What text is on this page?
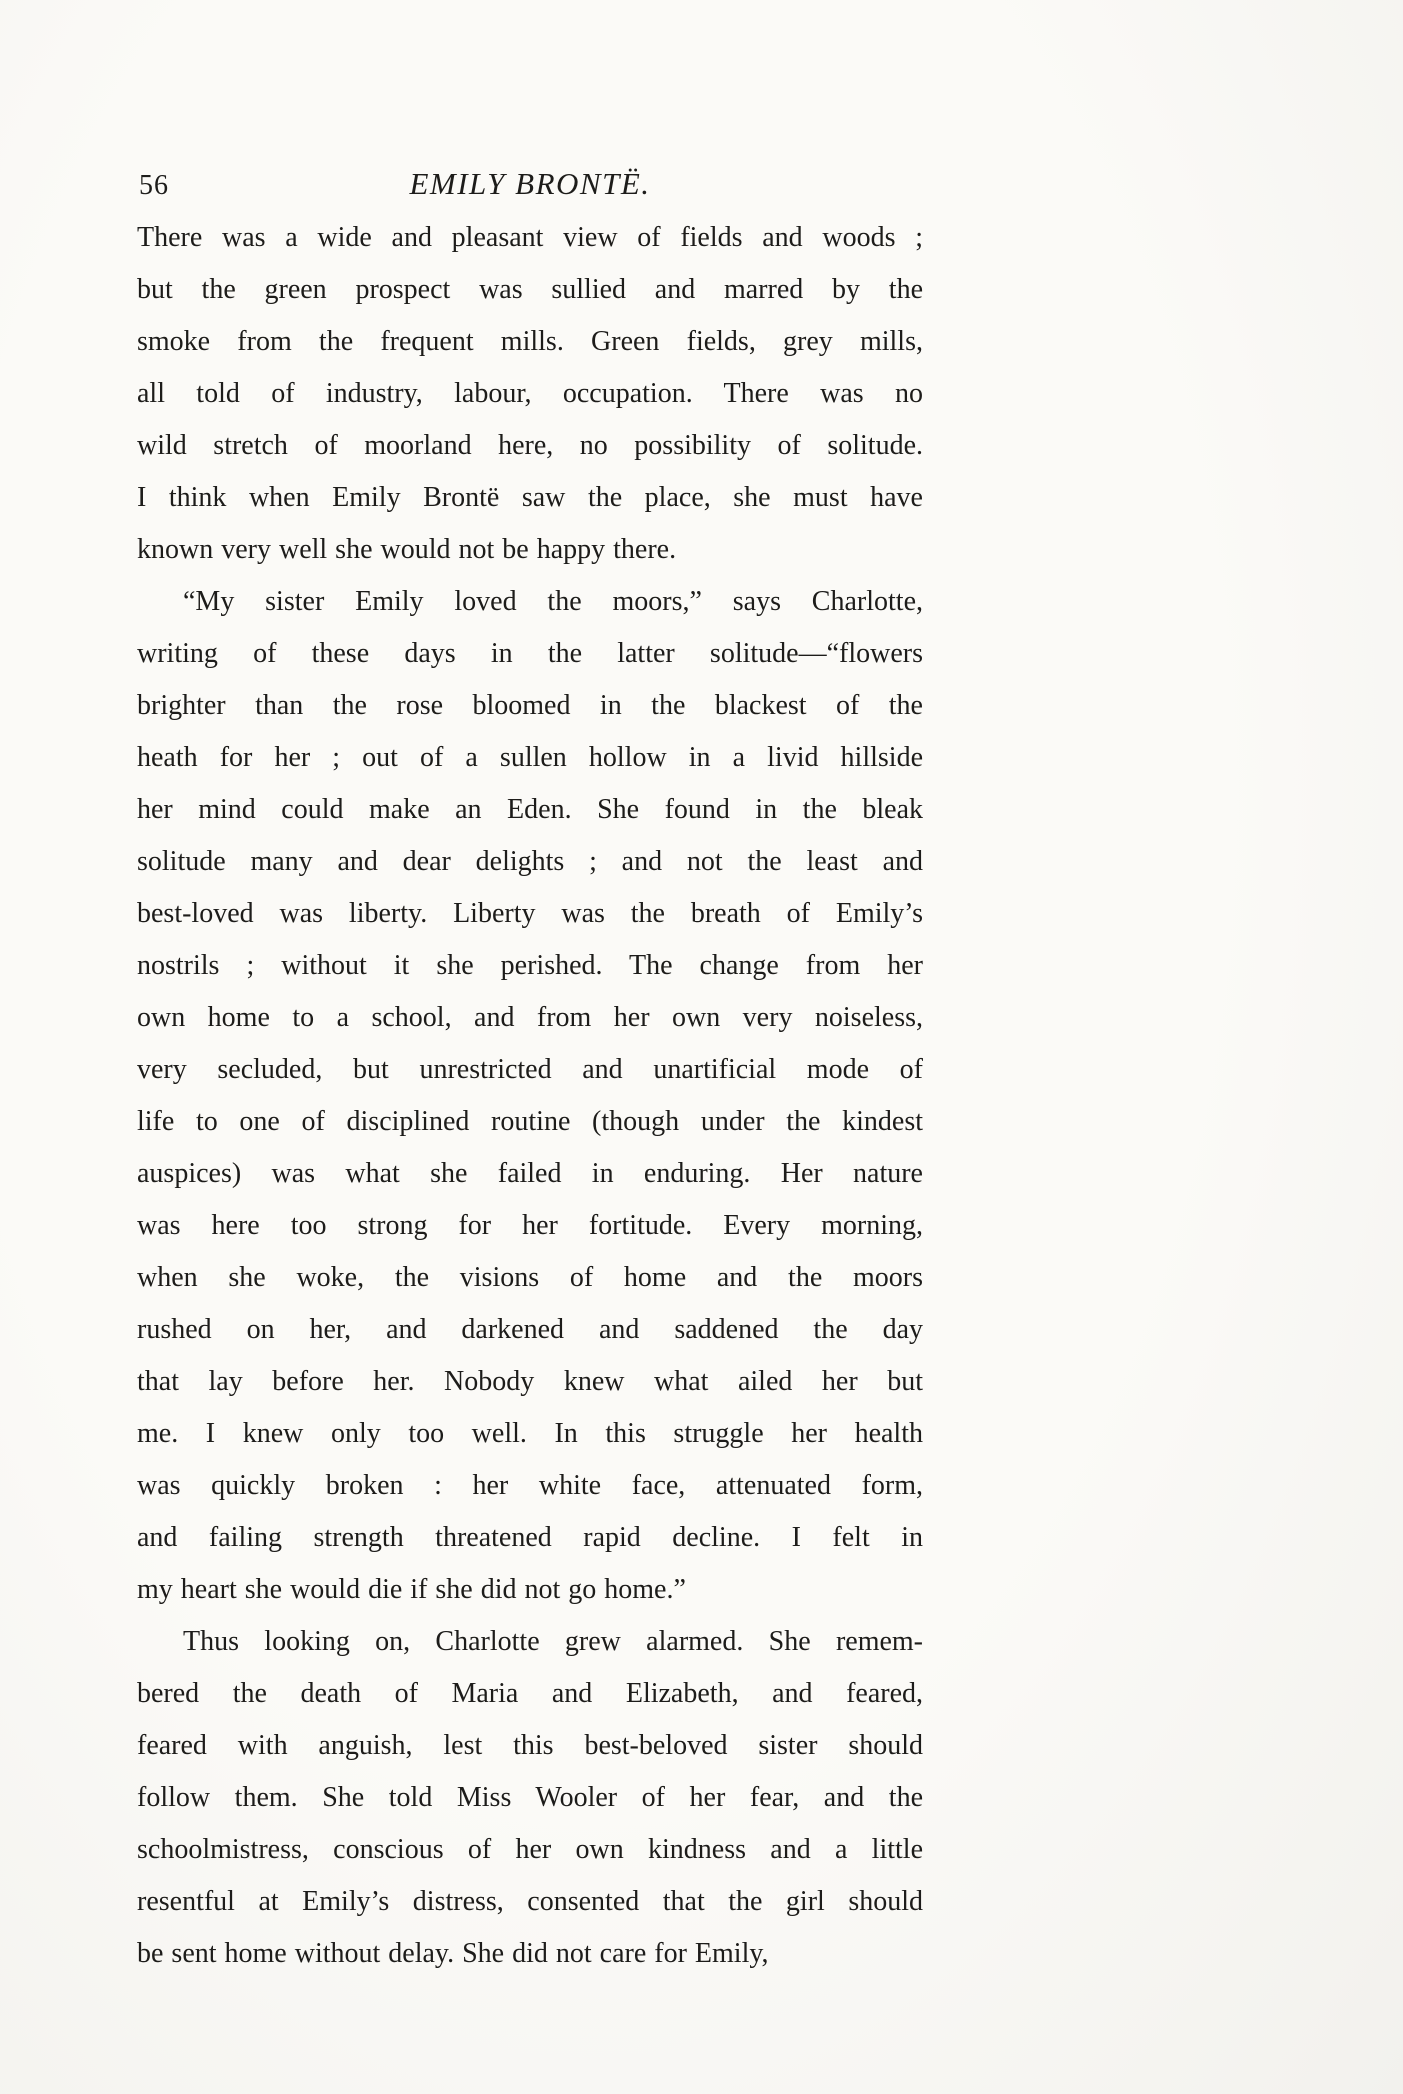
56	EMILY BRONTË.
There was a wide and pleasant view of fields and woods ;
but the green prospect was sullied and marred by the
smoke from the frequent mills. Green fields, grey mills,
all told of industry, labour, occupation. There was no
wild stretch of moorland here, no possibility of solitude.
I think when Emily Brontë saw the place, she must have
known very well she would not be happy there.
“My sister Emily loved the moors,” says Charlotte,
writing of these days in the latter solitude—“flowers
brighter than the rose bloomed in the blackest of the
heath for her ; out of a sullen hollow in a livid hillside
her mind could make an Eden. She found in the bleak
solitude many and dear delights ; and not the least and
best-loved was liberty. Liberty was the breath of Emily’s
nostrils ; without it she perished. The change from her
own home to a school, and from her own very noiseless,
very secluded, but unrestricted and unartificial mode of
life to one of disciplined routine (though under the kindest
auspices) was what she failed in enduring. Her nature
was here too strong for her fortitude. Every morning,
when she woke, the visions of home and the moors
rushed on her, and darkened and saddened the day
that lay before her. Nobody knew what ailed her but
me. I knew only too well. In this struggle her health
was quickly broken : her white face, attenuated form,
and failing strength threatened rapid decline. I felt in
my heart she would die if she did not go home.”
Thus looking on, Charlotte grew alarmed. She remem-
bered the death of Maria and Elizabeth, and feared,
feared with anguish, lest this best-beloved sister should
follow them. She told Miss Wooler of her fear, and the
schoolmistress, conscious of her own kindness and a little
resentful at Emily’s distress, consented that the girl should
be sent home without delay. She did not care for Emily,
